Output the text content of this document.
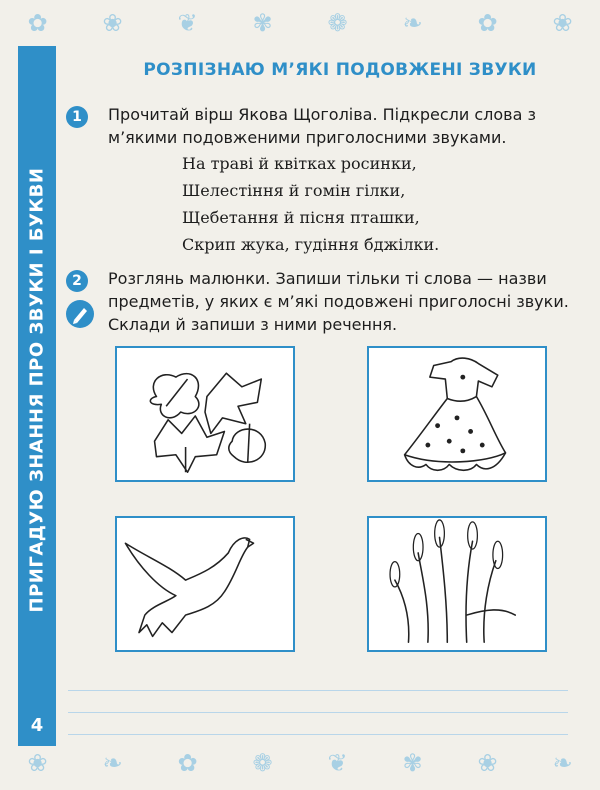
✿ ❀ ❦ ✾ ❁ ❧ ✿ ❀
ПРИГАДУЮ ЗНАННЯ ПРО ЗВУКИ І БУКВИ
4
РОЗПІЗНАЮ М’ЯКІ ПОДОВЖЕНІ ЗВУКИ
1	Прочитай вірш Якова Щоголіва. Підкресли слова з м’якими подовженими приголосними звуками.
На траві й квітках росинки,
Шелестіння й гомін гілки,
Щебетання й пісня пташки,
Скрип жука, гудіння бджілки.
2	Розглянь малюнки. Запиши тільки ті слова — назви предметів, у яких є м’які подовжені приголосні звуки. Склади й запиши з ними речення.
❀ ❧ ✿ ❁ ❦ ✾ ❀ ❧
